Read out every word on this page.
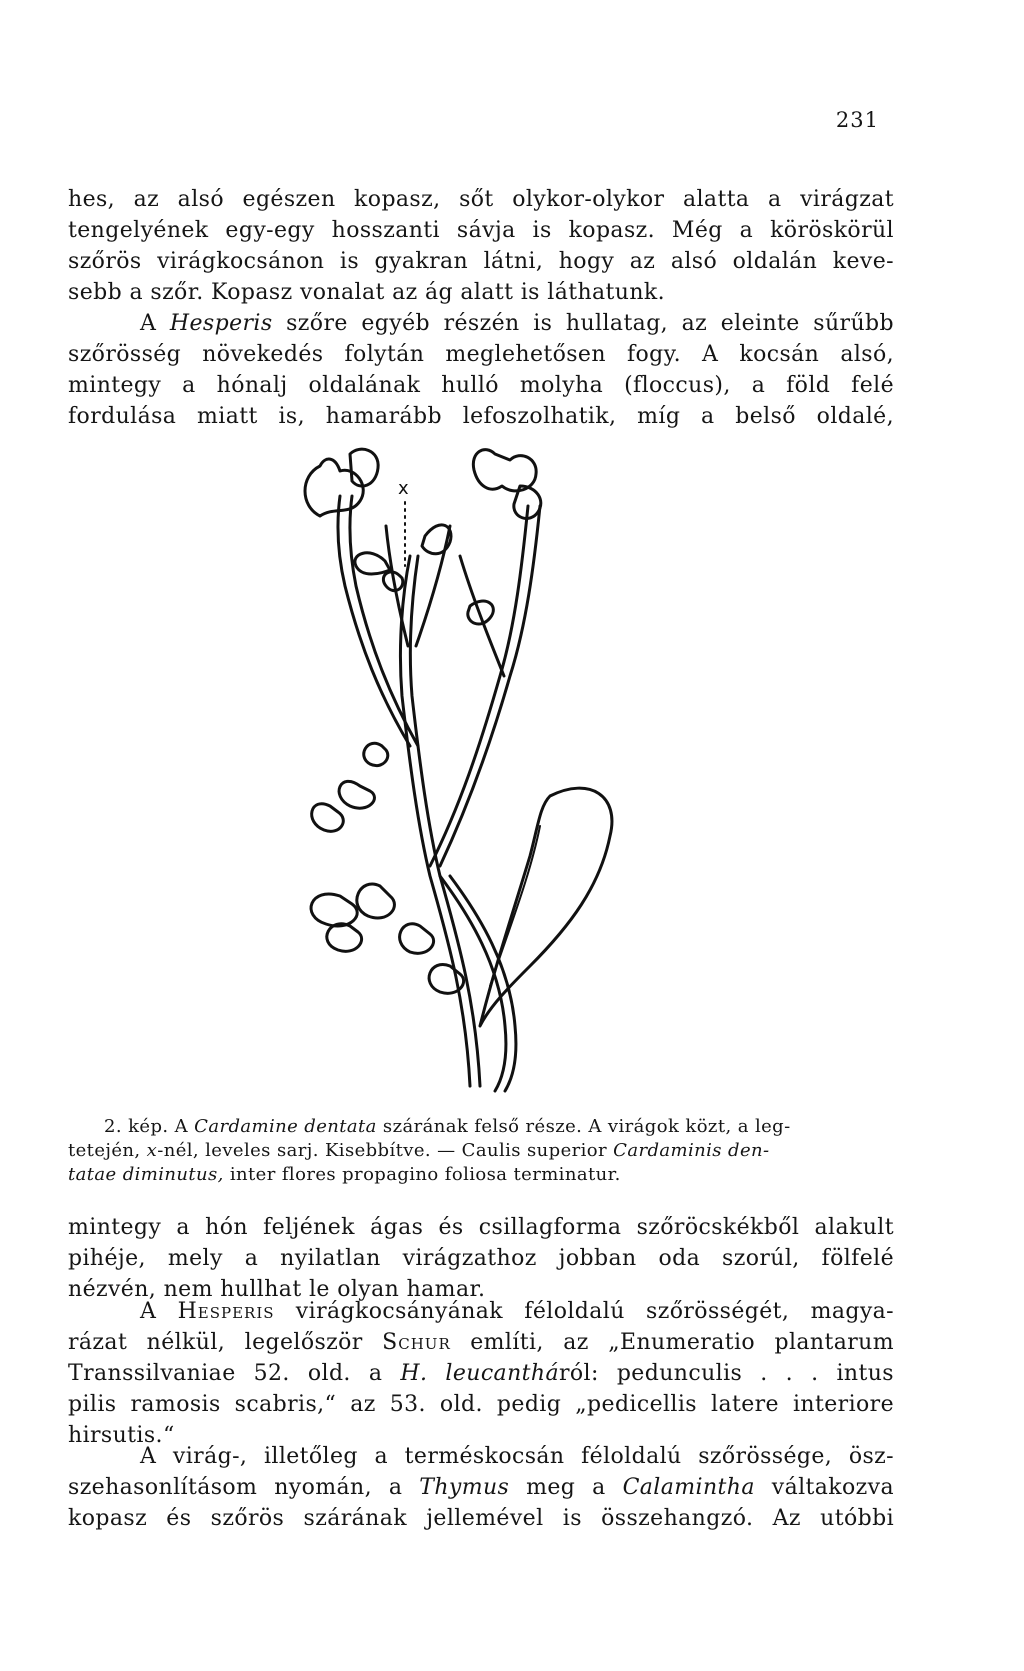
231
hes, az alsó egészen kopasz, sőt olykor-olykor alatta a virágzat
tengelyének egy-egy hosszanti sávja is kopasz. Még a köröskörül
szőrös virágkocsánon is gyakran látni, hogy az alsó oldalán keve-
sebb a szőr. Kopasz vonalat az ág alatt is láthatunk.
A Hesperis szőre egyéb részén is hullatag, az eleinte sűrűbb
szőrösség növekedés folytán meglehetősen fogy. A kocsán alsó,
mintegy a hónalj oldalának hulló molyha (floccus), a föld felé
fordulása miatt is, hamarább lefoszolhatik, míg a belső oldalé,
x
2. kép. A Cardamine dentata szárának felső része. A virágok közt, a leg-
tetején, x-nél, leveles sarj. Kisebbítve. — Caulis superior Cardaminis den-
tatae diminutus, inter flores propagino foliosa terminatur.
mintegy a hón feljének ágas és csillagforma szőröcskékből alakult
pihéje, mely a nyilatlan virágzathoz jobban oda szorúl, fölfelé
nézvén, nem hullhat le olyan hamar.
A Hesperis virágkocsányának féloldalú szőrösségét, magya-
rázat nélkül, legelőször Schur említi, az „Enumeratio plantarum
Transsilvaniae 52. old. a H. leucantháról: pedunculis . . . intus
pilis ramosis scabris,“ az 53. old. pedig „pedicellis latere interiore
hirsutis.“
A virág-, illetőleg a terméskocsán féloldalú szőrössége, ösz-
szehasonlításom nyomán, a Thymus meg a Calamintha váltakozva
kopasz és szőrös szárának jellemével is összehangzó. Az utóbbi
